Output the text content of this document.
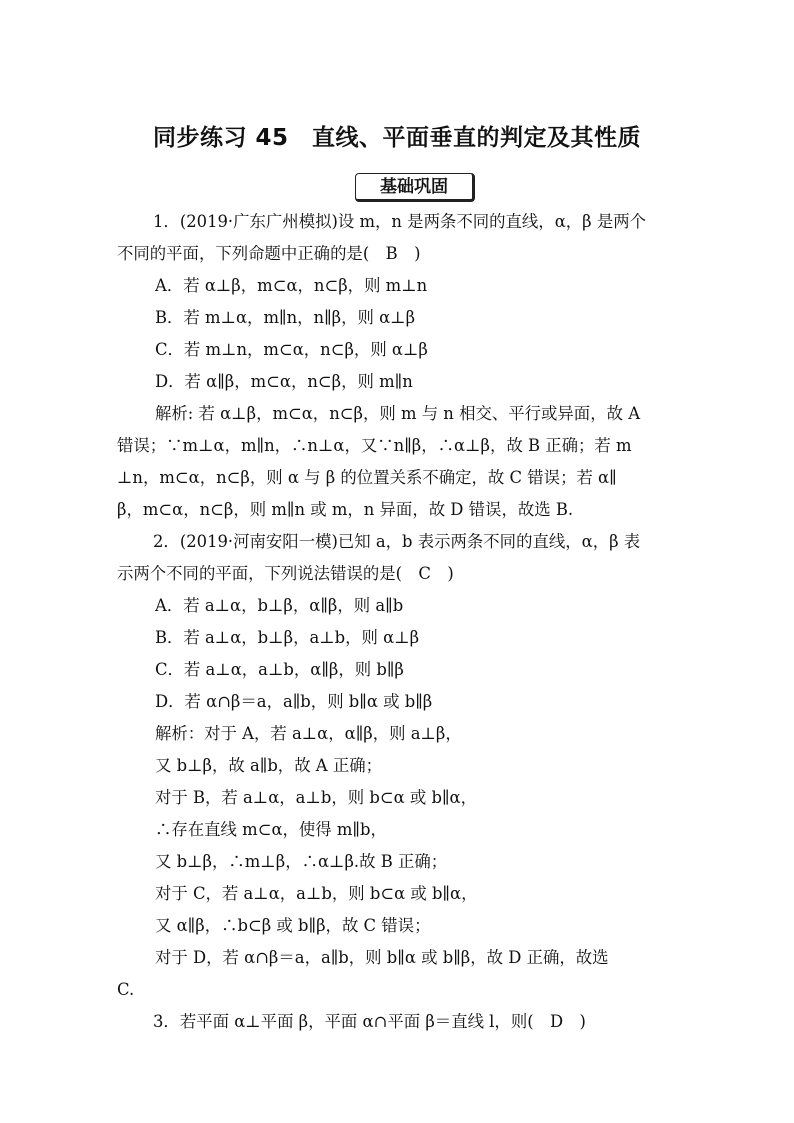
同步练习 45　直线、平面垂直的判定及其性质
基础巩固
1．(2019·广东广州模拟)设 m，n 是两条不同的直线，α，β 是两个
不同的平面，下列命题中正确的是(　B　)
A．若 α⊥β，m⊂α，n⊂β，则 m⊥n
B．若 m⊥α，m∥n，n∥β，则 α⊥β
C．若 m⊥n，m⊂α，n⊂β，则 α⊥β
D．若 α∥β，m⊂α，n⊂β，则 m∥n
解析: 若 α⊥β，m⊂α，n⊂β，则 m 与 n 相交、平行或异面，故 A
错误；∵m⊥α，m∥n，∴n⊥α，又∵n∥β，∴α⊥β，故 B 正确；若 m
⊥n，m⊂α，n⊂β，则 α 与 β 的位置关系不确定，故 C 错误；若 α∥
β，m⊂α，n⊂β，则 m∥n 或 m，n 异面，故 D 错误，故选 B.
2．(2019·河南安阳一模)已知 a，b 表示两条不同的直线，α，β 表
示两个不同的平面，下列说法错误的是(　C　)
A．若 a⊥α，b⊥β，α∥β，则 a∥b
B．若 a⊥α，b⊥β，a⊥b，则 α⊥β
C．若 a⊥α，a⊥b，α∥β，则 b∥β
D．若 α∩β＝a，a∥b，则 b∥α 或 b∥β
解析：对于 A，若 a⊥α，α∥β，则 a⊥β，
又 b⊥β，故 a∥b，故 A 正确；
对于 B，若 a⊥α，a⊥b，则 b⊂α 或 b∥α，
∴存在直线 m⊂α，使得 m∥b，
又 b⊥β，∴m⊥β，∴α⊥β.故 B 正确；
对于 C，若 a⊥α，a⊥b，则 b⊂α 或 b∥α，
又 α∥β，∴b⊂β 或 b∥β，故 C 错误；
对于 D，若 α∩β＝a，a∥b，则 b∥α 或 b∥β，故 D 正确，故选
C.
3．若平面 α⊥平面 β，平面 α∩平面 β＝直线 l，则(　D　)
